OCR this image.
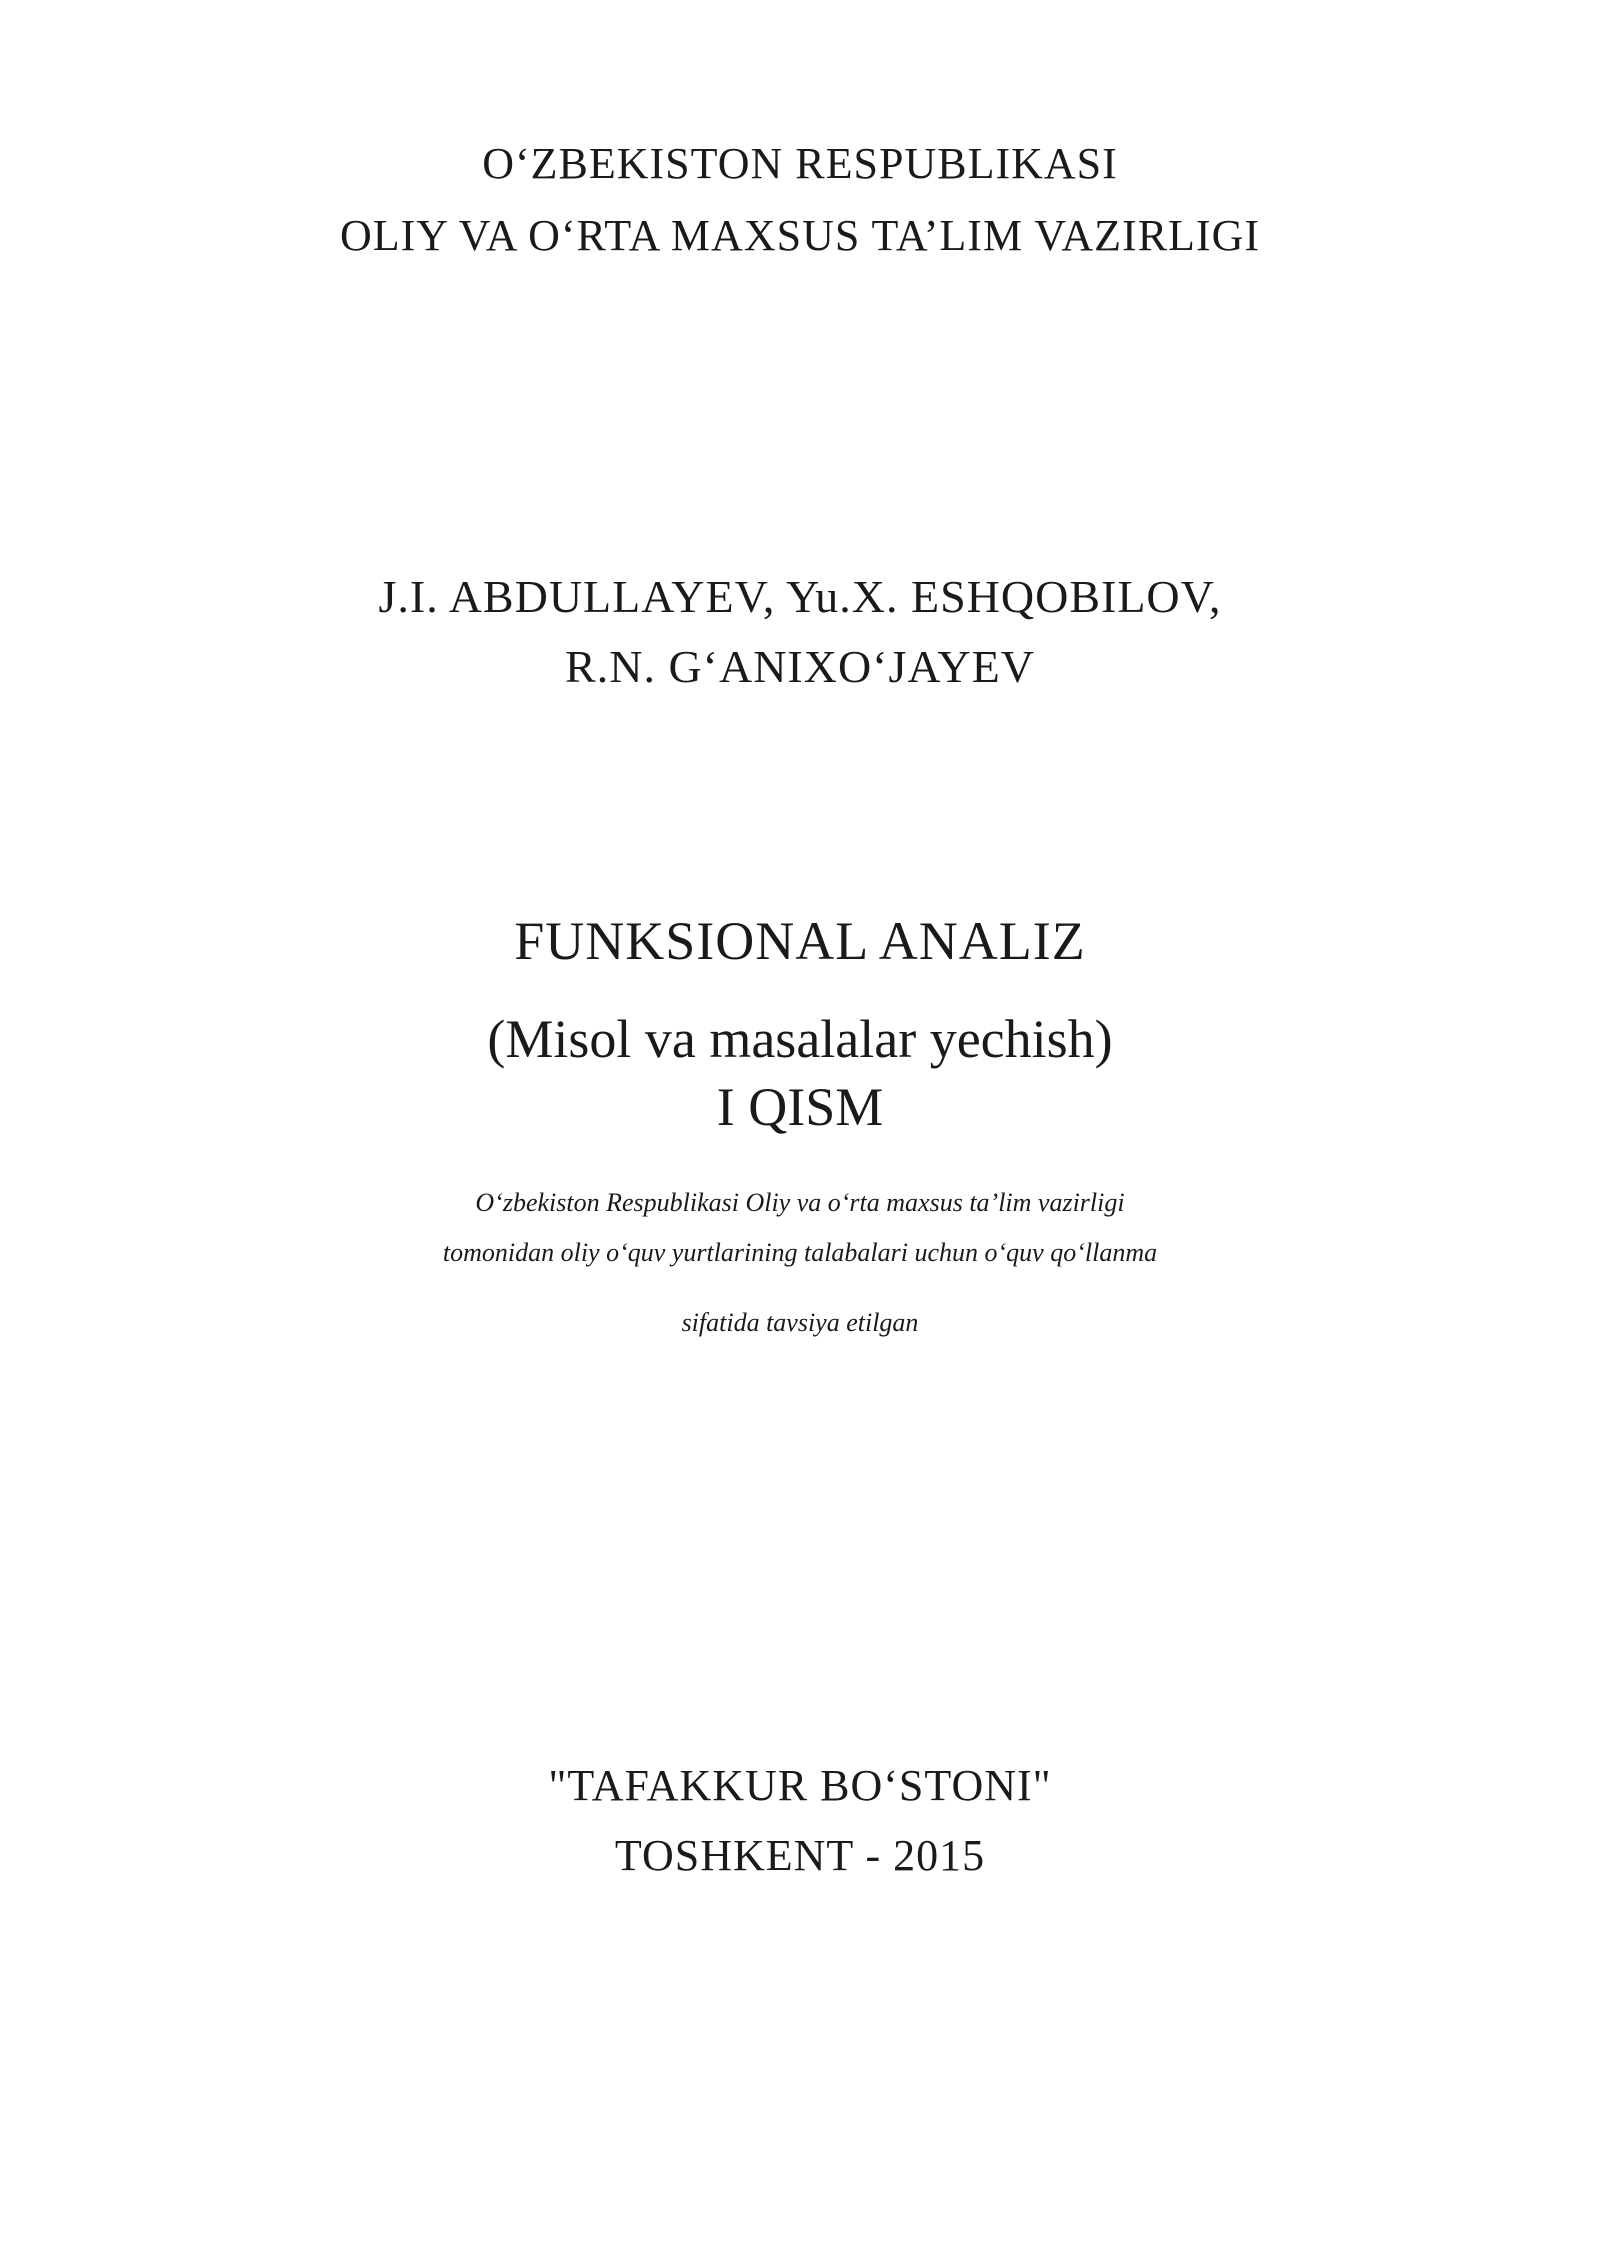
O‘ZBEKISTON RESPUBLIKASI
OLIY VA O‘RTA MAXSUS TA’LIM VAZIRLIGI
J.I. ABDULLAYEV, Yu.X. ESHQOBILOV,
R.N. G‘ANIXO‘JAYEV
FUNKSIONAL ANALIZ
(Misol va masalalar yechish)
I QISM
O‘zbekiston Respublikasi Oliy va o‘rta maxsus ta’lim vazirligi
tomonidan oliy o‘quv yurtlarining talabalari uchun o‘quv qo‘llanma
sifatida tavsiya etilgan
"TAFAKKUR BO‘STONI"
TOSHKENT - 2015
